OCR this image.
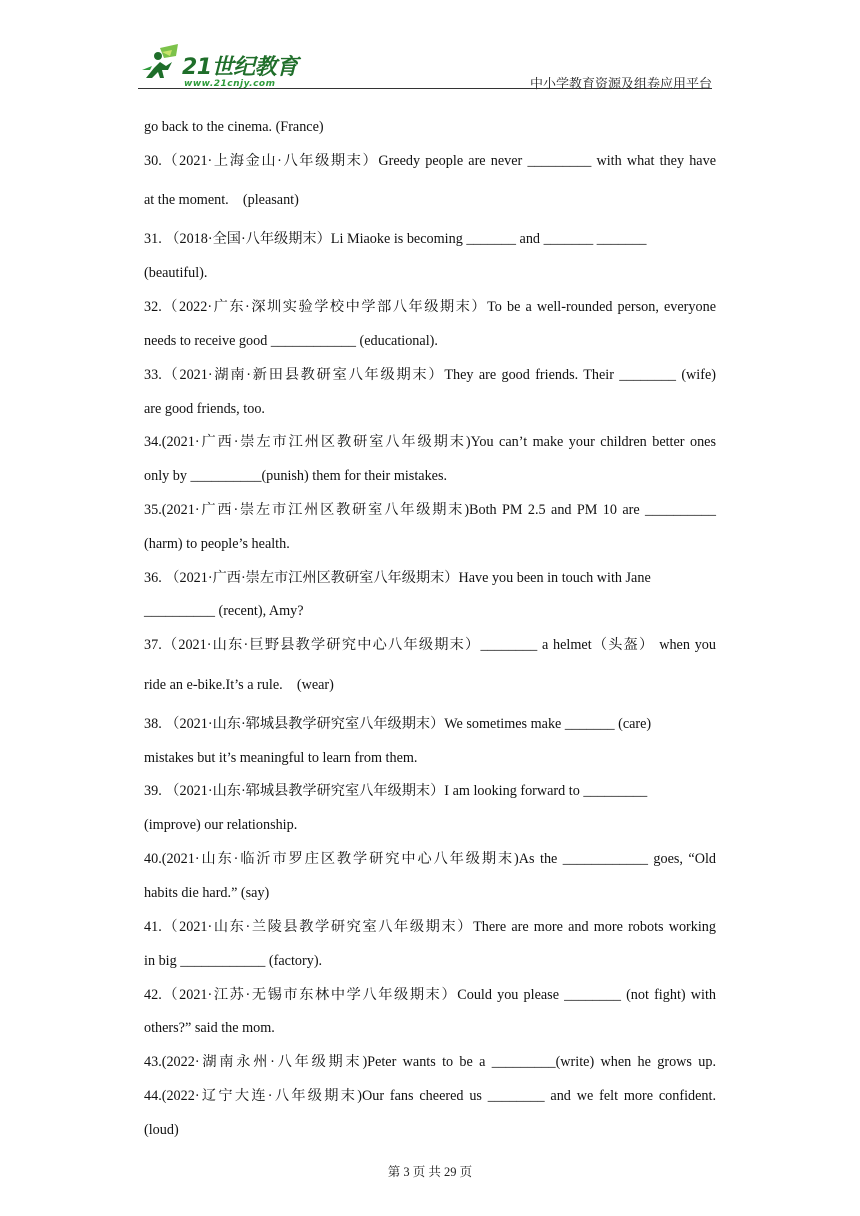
21世纪教育
www.21cnjy.com	中小学教育资源及组卷应用平台
go back to the cinema. (France)
30.（2021·上海金山·八年级期末）Greedy people are never _________ with what they have
at the moment.    (pleasant)
31. （2018·全国·八年级期末）Li Miaoke is becoming _______ and _______ _______
(beautiful).
32.（2022·广东·深圳实验学校中学部八年级期末）To be a well-rounded person, everyone
needs to receive good ____________ (educational).
33.（2021·湖南·新田县教研室八年级期末）They are good friends. Their ________ (wife)
are good friends, too.
34.(2021·广西·崇左市江州区教研室八年级期末)You can’t make your children better ones
only by __________(punish) them for their mistakes.
35.(2021·广西·崇左市江州区教研室八年级期末)Both PM 2.5 and PM 10 are __________
(harm) to people’s health.
36. （2021·广西·崇左市江州区教研室八年级期末）Have you been in touch with Jane
__________ (recent), Amy?
37.（2021·山东·巨野县教学研究中心八年级期末）________ a helmet（头盔） when you
ride an e-bike.It’s a rule.    (wear)
38. （2021·山东·郓城县教学研究室八年级期末）We sometimes make _______ (care)
mistakes but it’s meaningful to learn from them.
39. （2021·山东·郓城县教学研究室八年级期末）I am looking forward to _________
(improve) our relationship.
40.(2021·山东·临沂市罗庄区教学研究中心八年级期末)As the ____________ goes, “Old
habits die hard.” (say)
41.（2021·山东·兰陵县教学研究室八年级期末）There are more and more robots working
in big ____________ (factory).
42.（2021·江苏·无锡市东林中学八年级期末）Could you please ________ (not fight) with
others?” said the mom.
43.(2022·湖南永州·八年级期末)Peter wants to be a _________(write) when he grows up.
44.(2022·辽宁大连·八年级期末)Our fans cheered us ________ and we felt more confident.
(loud)
第 3 页 共 29 页
